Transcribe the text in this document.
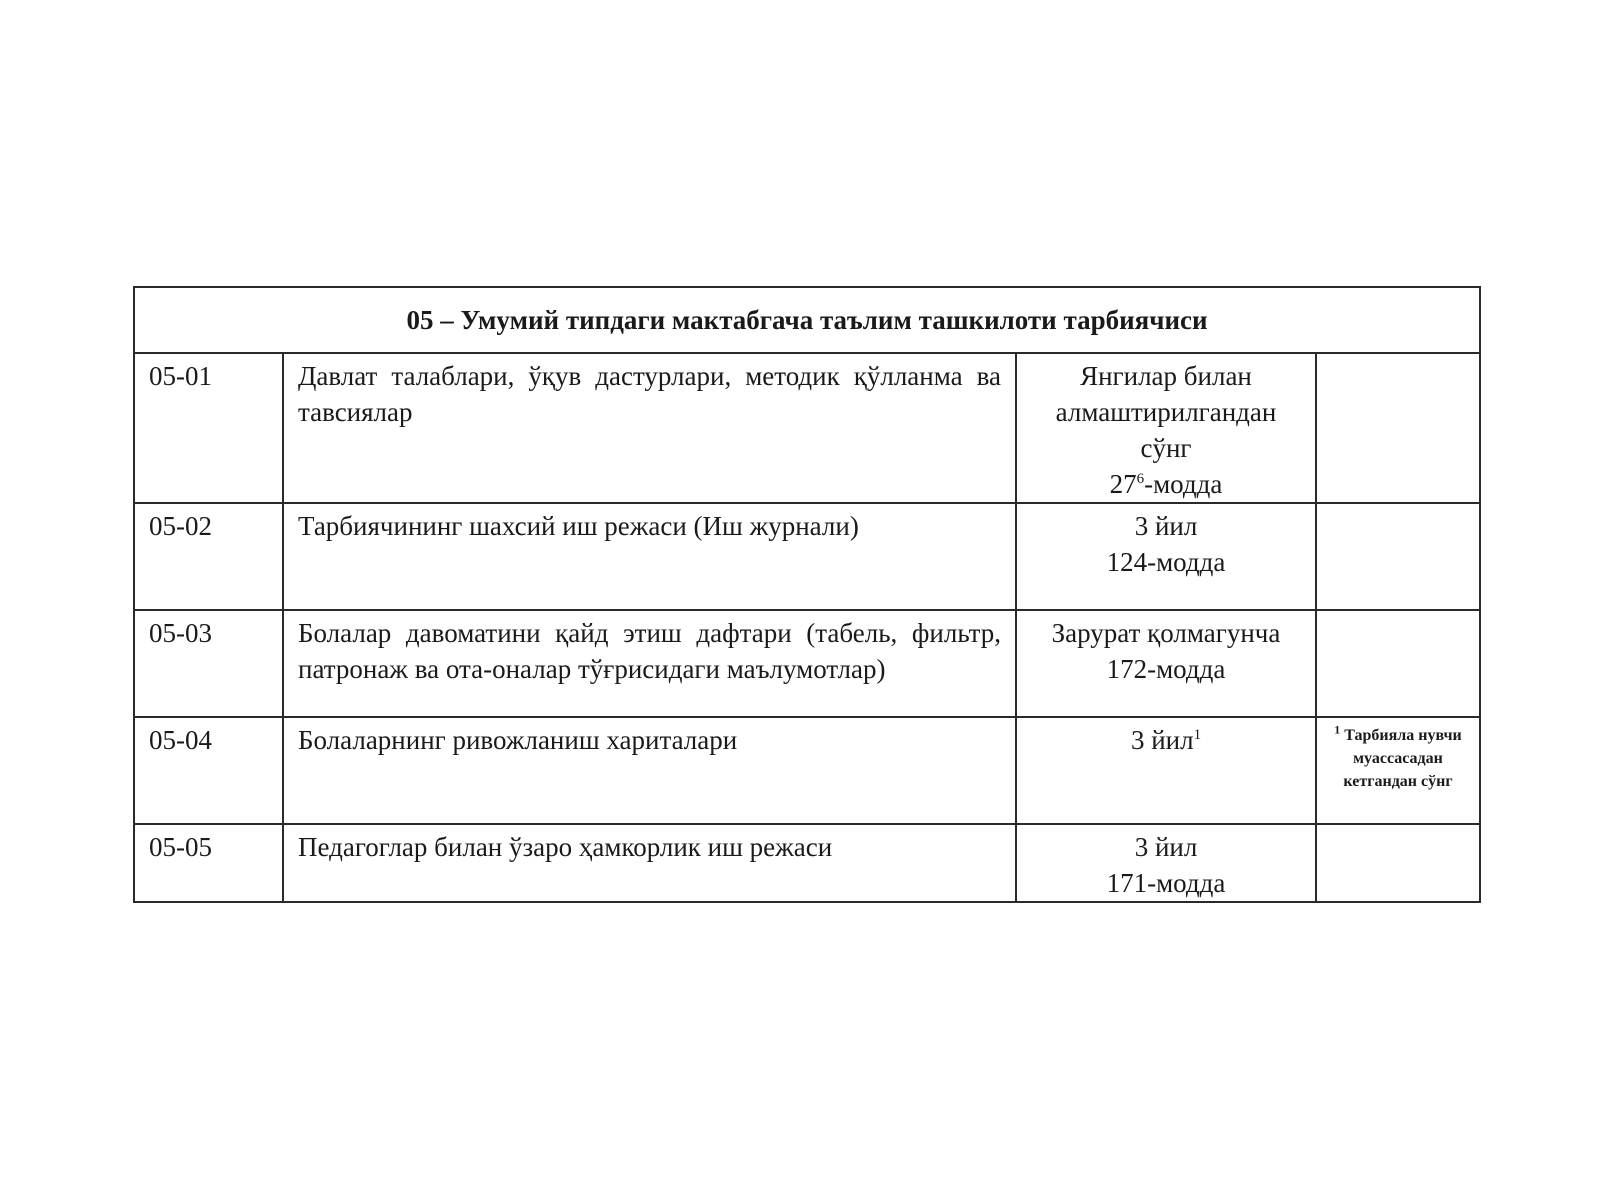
05 – Умумий типдаги мактабгача таълим ташкилоти тарбиячиси			
05-01	Давлат талаблари, ўқув дастурлари, методик қўлланма ва тавсиялар	Янгилар билан
алмаштирилгандан
сўнг
$27^6$-модда	

05-02	Тарбиячининг шахсий иш режаси (Иш журнали)	3 йил
124-модда	

05-03	Болалар давоматини қайд этиш дафтари (табель, фильтр, патронаж ва ота-оналар тўғрисидаги маълумотлар)	Зарурат қолмагунча
172-модда	

05-04	Болаларнинг ривожланиш хариталари	3 йил$^1$	$^1$ Тарбияла нувчи муассасадан кетгандан сўнг

05-05	Педагоглар билан ўзаро ҳамкорлик иш режаси	3 йил
171-модда	
